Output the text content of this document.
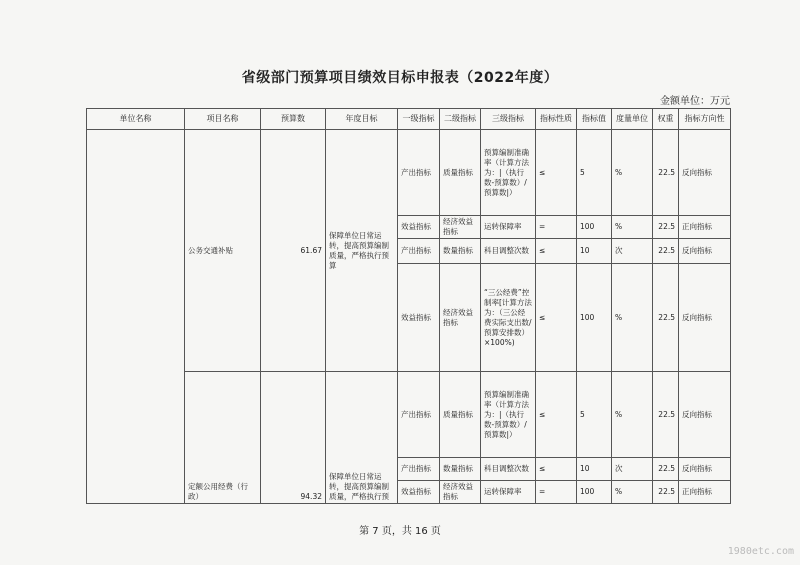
省级部门预算项目绩效目标申报表（2022年度）
金额单位：万元
单位名称	项目名称	预算数	年度目标	一级指标	二级指标	三级指标	指标性质	指标值	度量单位	权重	指标方向性
	公务交通补贴	61.67	保障单位日常运转，提高预算编制质量，严格执行预算	产出指标	质量指标	预算编制准确率（计算方法为：|（执行数-预算数）/预算数|）	≤	5	%	22.5	反向指标
				效益指标	经济效益指标	运转保障率	=	100	%	22.5	正向指标
				产出指标	数量指标	科目调整次数	≤	10	次	22.5	反向指标
				效益指标	经济效益指标	“三公经费”控制率[计算方法为：（三公经费实际支出数/预算安排数）×100%)	≤	100	%	22.5	反向指标
	定额公用经费（行政）	94.32	保障单位日常运转，提高预算编制质量，严格执行预	产出指标	质量指标	预算编制准确率（计算方法为：|（执行数-预算数）/预算数|）	≤	5	%	22.5	反向指标
				产出指标	数量指标	科目调整次数	≤	10	次	22.5	反向指标
				效益指标	经济效益指标	运转保障率	=	100	%	22.5	正向指标
第 7 页，共 16 页
1980etc.com
